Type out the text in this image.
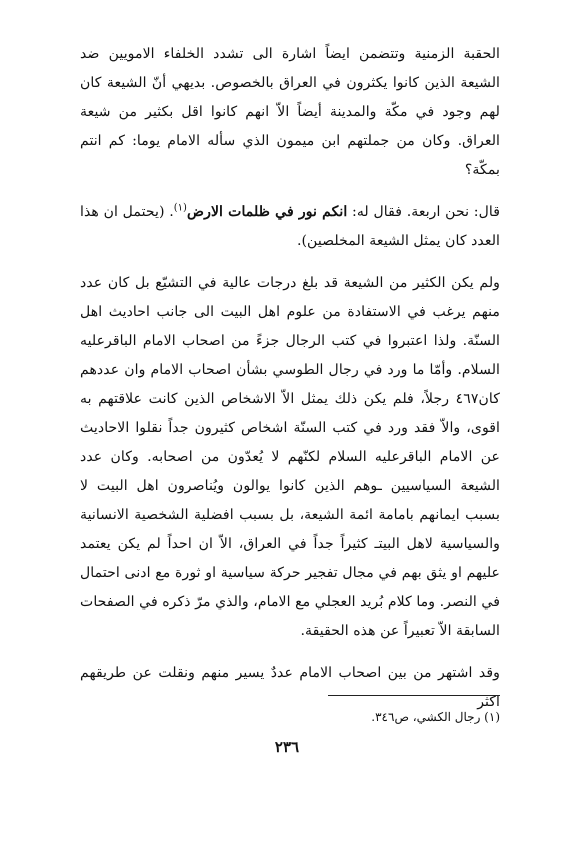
الحقبة الزمنية وتتضمن ايضاً اشارة الى تشدد الخلفاء الامويين ضد الشيعة الذين كانوا يكثرون في العراق بالخصوص. بديهي أنّ الشيعة كان لهم وجود في مكّة والمدينة أيضاً الاّ انهم كانوا اقل بكثير من شيعة العراق. وكان من جملتهم ابن ميمون الذي سأله الامام يوما: كم انتم بمكّة؟

قال: نحن اربعة. فقال له: انكم نور في ظلمات الارض$^{(١)}$. (يحتمل ان هذا العدد كان يمثل الشيعة المخلصين).

ولم يكن الكثير من الشيعة قد بلغ درجات عالية في التشيّع بل كان عدد منهم يرغب في الاستفادة من علوم اهل البيت الى جانب احاديث اهل السنّة. ولذا اعتبروا في كتب الرجال جزءً من اصحاب الامام الباقرعليه السلام. وأمّا ما ورد في رجال الطوسي بشأن اصحاب الامام وان عددهم كان٤٦٧ رجلاً، فلم يكن ذلك يمثل الاّ الاشخاص الذين كانت علاقتهم به اقوى، والاّ فقد ورد في كتب السنّة اشخاص كثيرون جداً نقلوا الاحاديث عن الامام الباقرعليه السلام لكنّهم لا يُعدّون من اصحابه. وكان عدد الشيعة السياسيين ـوهم الذين كانوا يوالون ويُناصرون اهل البيت لا بسبب ايمانهم بامامة ائمة الشيعة، بل بسبب افضلية الشخصية الانسانية والسياسية لاهل البيتـ كثيراً جداً في العراق، الاّ ان احداً لم يكن يعتمد عليهم او يثق بهم في مجال تفجير حركة سياسية او ثورة مع ادنى احتمال في النصر. وما كلام بُريد العجلي مع الامام، والذي مرّ ذكره في الصفحات السابقة الاّ تعبيراً عن هذه الحقيقة.

وقد اشتهر من بين اصحاب الامام عددٌ يسير منهم ونقلت عن طريقهم اكثر

(١) رجال الكشي، ص٣٤٦.
٢٣٦
